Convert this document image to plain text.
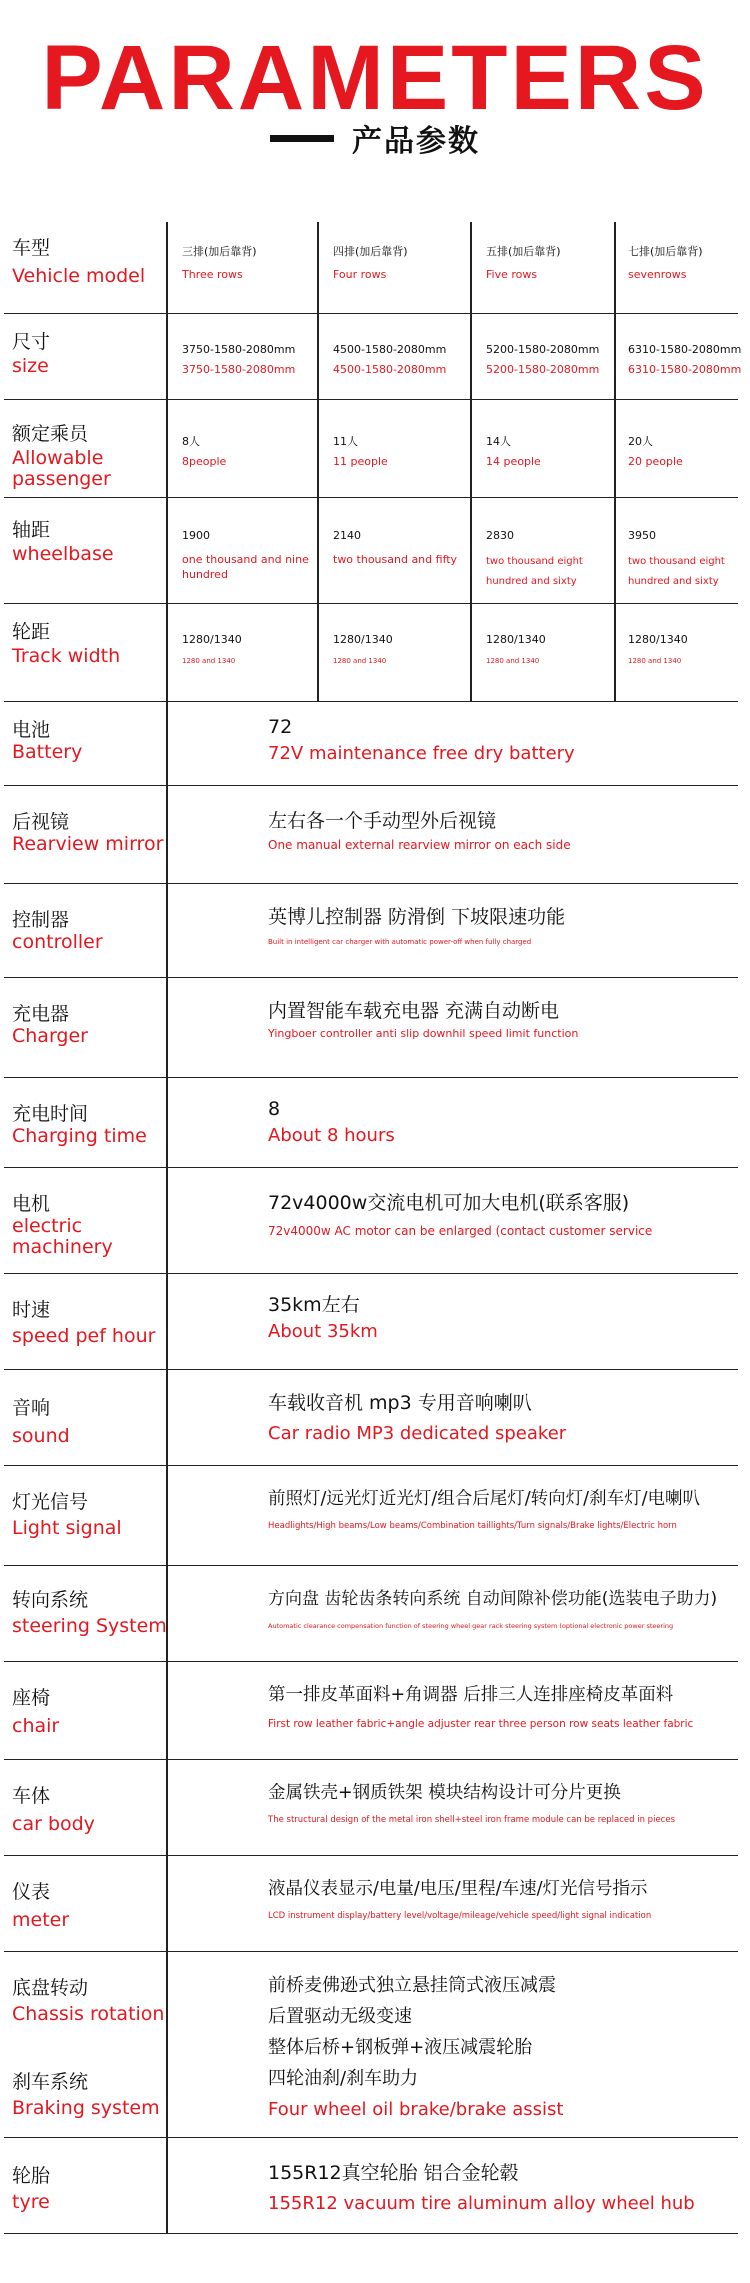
PARAMETERS
产品参数
车型
Vehicle model
三排(加后靠背)
Three rows
四排(加后靠背)
Four rows
五排(加后靠背)
Five rows
七排(加后靠背)
sevenrows
尺寸
size
3750-1580-2080mm
3750-1580-2080mm
4500-1580-2080mm
4500-1580-2080mm
5200-1580-2080mm
5200-1580-2080mm
6310-1580-2080mm
6310-1580-2080mm
额定乘员
Allowable passenger
8人
8people
11人
11 people
14人
14 people
20人
20 people
轴距
wheelbase
1900
one thousand and nine hundred
2140
two thousand and fifty
2830
two thousand eight hundred and sixty
3950
two thousand eight hundred and sixty
轮距
Track width
1280/1340
1280 and 1340
1280/1340
1280 and 1340
1280/1340
1280 and 1340
1280/1340
1280 and 1340
电池
Battery
72
72V maintenance free dry battery
后视镜
Rearview mirror
左右各一个手动型外后视镜
One manual external rearview mirror on each side
控制器
controller
英博儿控制器 防滑倒 下坡限速功能
Built in intelligent car charger with automatic power-off when fully charged
充电器
Charger
内置智能车载充电器 充满自动断电
Yingboer controller anti slip downhil speed limit function
充电时间
Charging time
8
About 8 hours
电机
electric machinery
72v4000w交流电机可加大电机(联系客服)
72v4000w AC motor can be enlarged (contact customer service
时速
speed pef hour
35km左右
About 35km
音响
sound
车载收音机 mp3 专用音响喇叭
Car radio MP3 dedicated speaker
灯光信号
Light signal
前照灯/远光灯近光灯/组合后尾灯/转向灯/刹车灯/电喇叭
Headlights/High beams/Low beams/Combination taillights/Turn signals/Brake lights/Electric horn
转向系统
steering System
方向盘 齿轮齿条转向系统 自动间隙补偿功能(选装电子助力)
Automatic clearance compensation function of steering wheel gear rack steering system (optional electronic power steering
座椅
chair
第一排皮革面料+角调器 后排三人连排座椅皮革面料
First row leather fabric+angle adjuster rear three person row seats leather fabric
车体
car body
金属铁壳+钢质铁架 模块结构设计可分片更换
The structural design of the metal iron shell+steel iron frame module can be replaced in pieces
仪表
meter
液晶仪表显示/电量/电压/里程/车速/灯光信号指示
LCD instrument display/battery level/voltage/mileage/vehicle speed/light signal indication
底盘转动
Chassis rotation
刹车系统
Braking system
前桥麦佛逊式独立悬挂筒式液压减震
后置驱动无级变速
整体后桥+钢板弹+液压减震轮胎
四轮油刹/刹车助力
Four wheel oil brake/brake assist
轮胎
tyre
155R12真空轮胎 铝合金轮毂
155R12 vacuum tire aluminum alloy wheel hub
